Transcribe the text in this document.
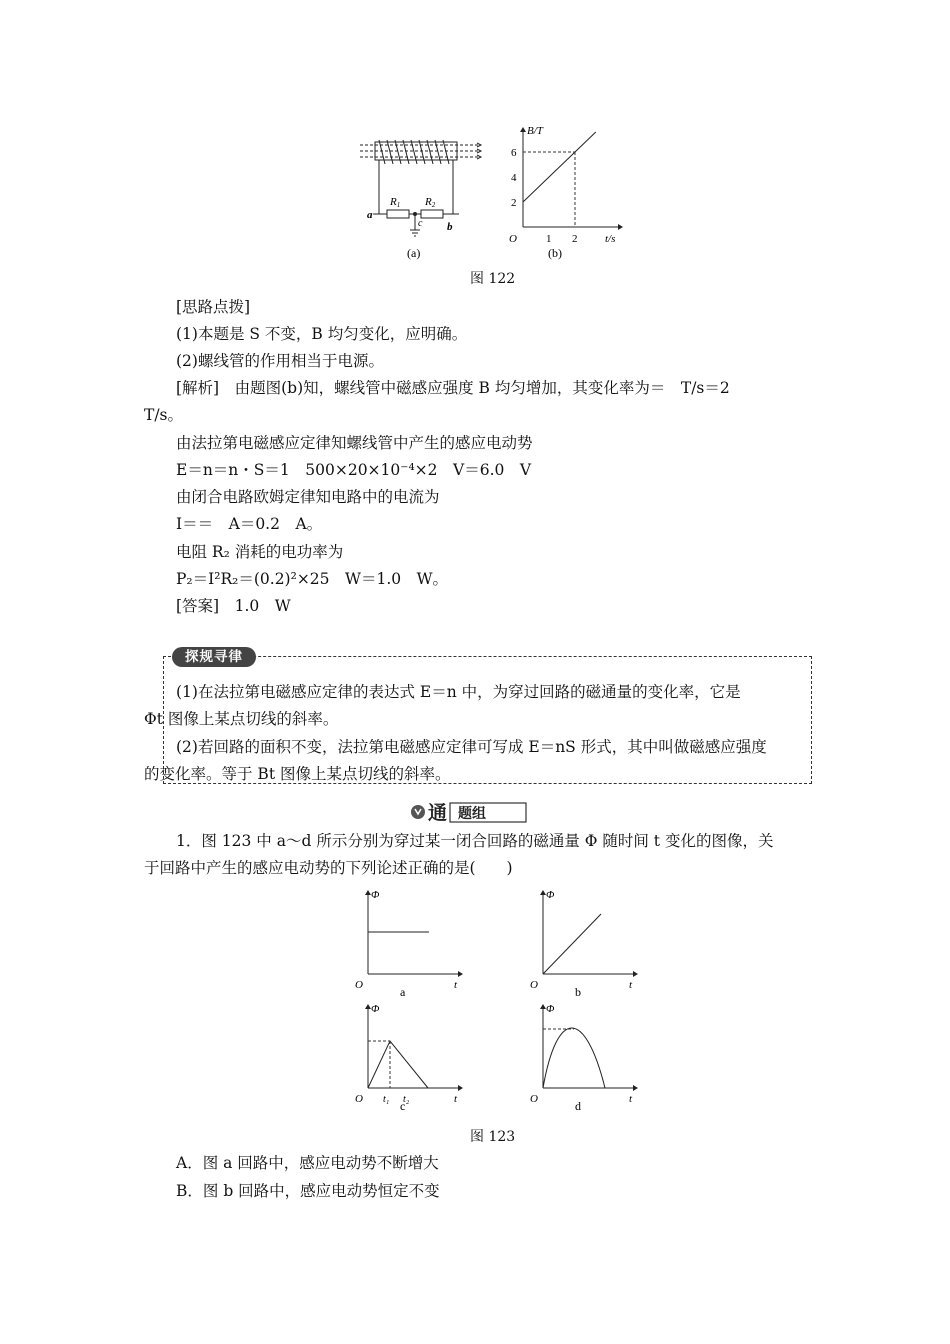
R1 R2
a
b
c
(a)
B/T
t/s
O
2
4
6
1 2
(b)
图 122
[思路点拨]
(1)本题是 S 不变，B 均匀变化，应明确。
(2)螺线管的作用相当于电源。
[解析]　由题图(b)知，螺线管中磁感应强度 B 均匀增加，其变化率为＝　T/s＝2
T/s。
由法拉第电磁感应定律知螺线管中产生的感应电动势
E＝n＝n・S＝1　500×20×10⁻⁴×2　V＝6.0　V
由闭合电路欧姆定律知电路中的电流为
I＝＝　A＝0.2　A。
电阻 R₂ 消耗的电功率为
P₂＝I²R₂＝(0.2)²×25　W＝1.0　W。
[答案]　1.0　W
探规寻律
(1)在法拉第电磁感应定律的表达式 E＝n 中，为穿过回路的磁通量的变化率，它是
Φt 图像上某点切线的斜率。
(2)若回路的面积不变，法拉第电磁感应定律可写成 E＝nS 形式，其中叫做磁感应强度
的变化率。等于 Bt 图像上某点切线的斜率。
通 题组
1．图 123 中 a～d 所示分别为穿过某一闭合回路的磁通量 Φ 随时间 t 变化的图像，关
于回路中产生的感应电动势的下列论述正确的是(　　)
Φ
t
O	a
Φ
t
O	b
Φ
t
O	c
t₁ t₂
Φ
t
O	d
图 123
A．图 a 回路中，感应电动势不断增大
B．图 b 回路中，感应电动势恒定不变
